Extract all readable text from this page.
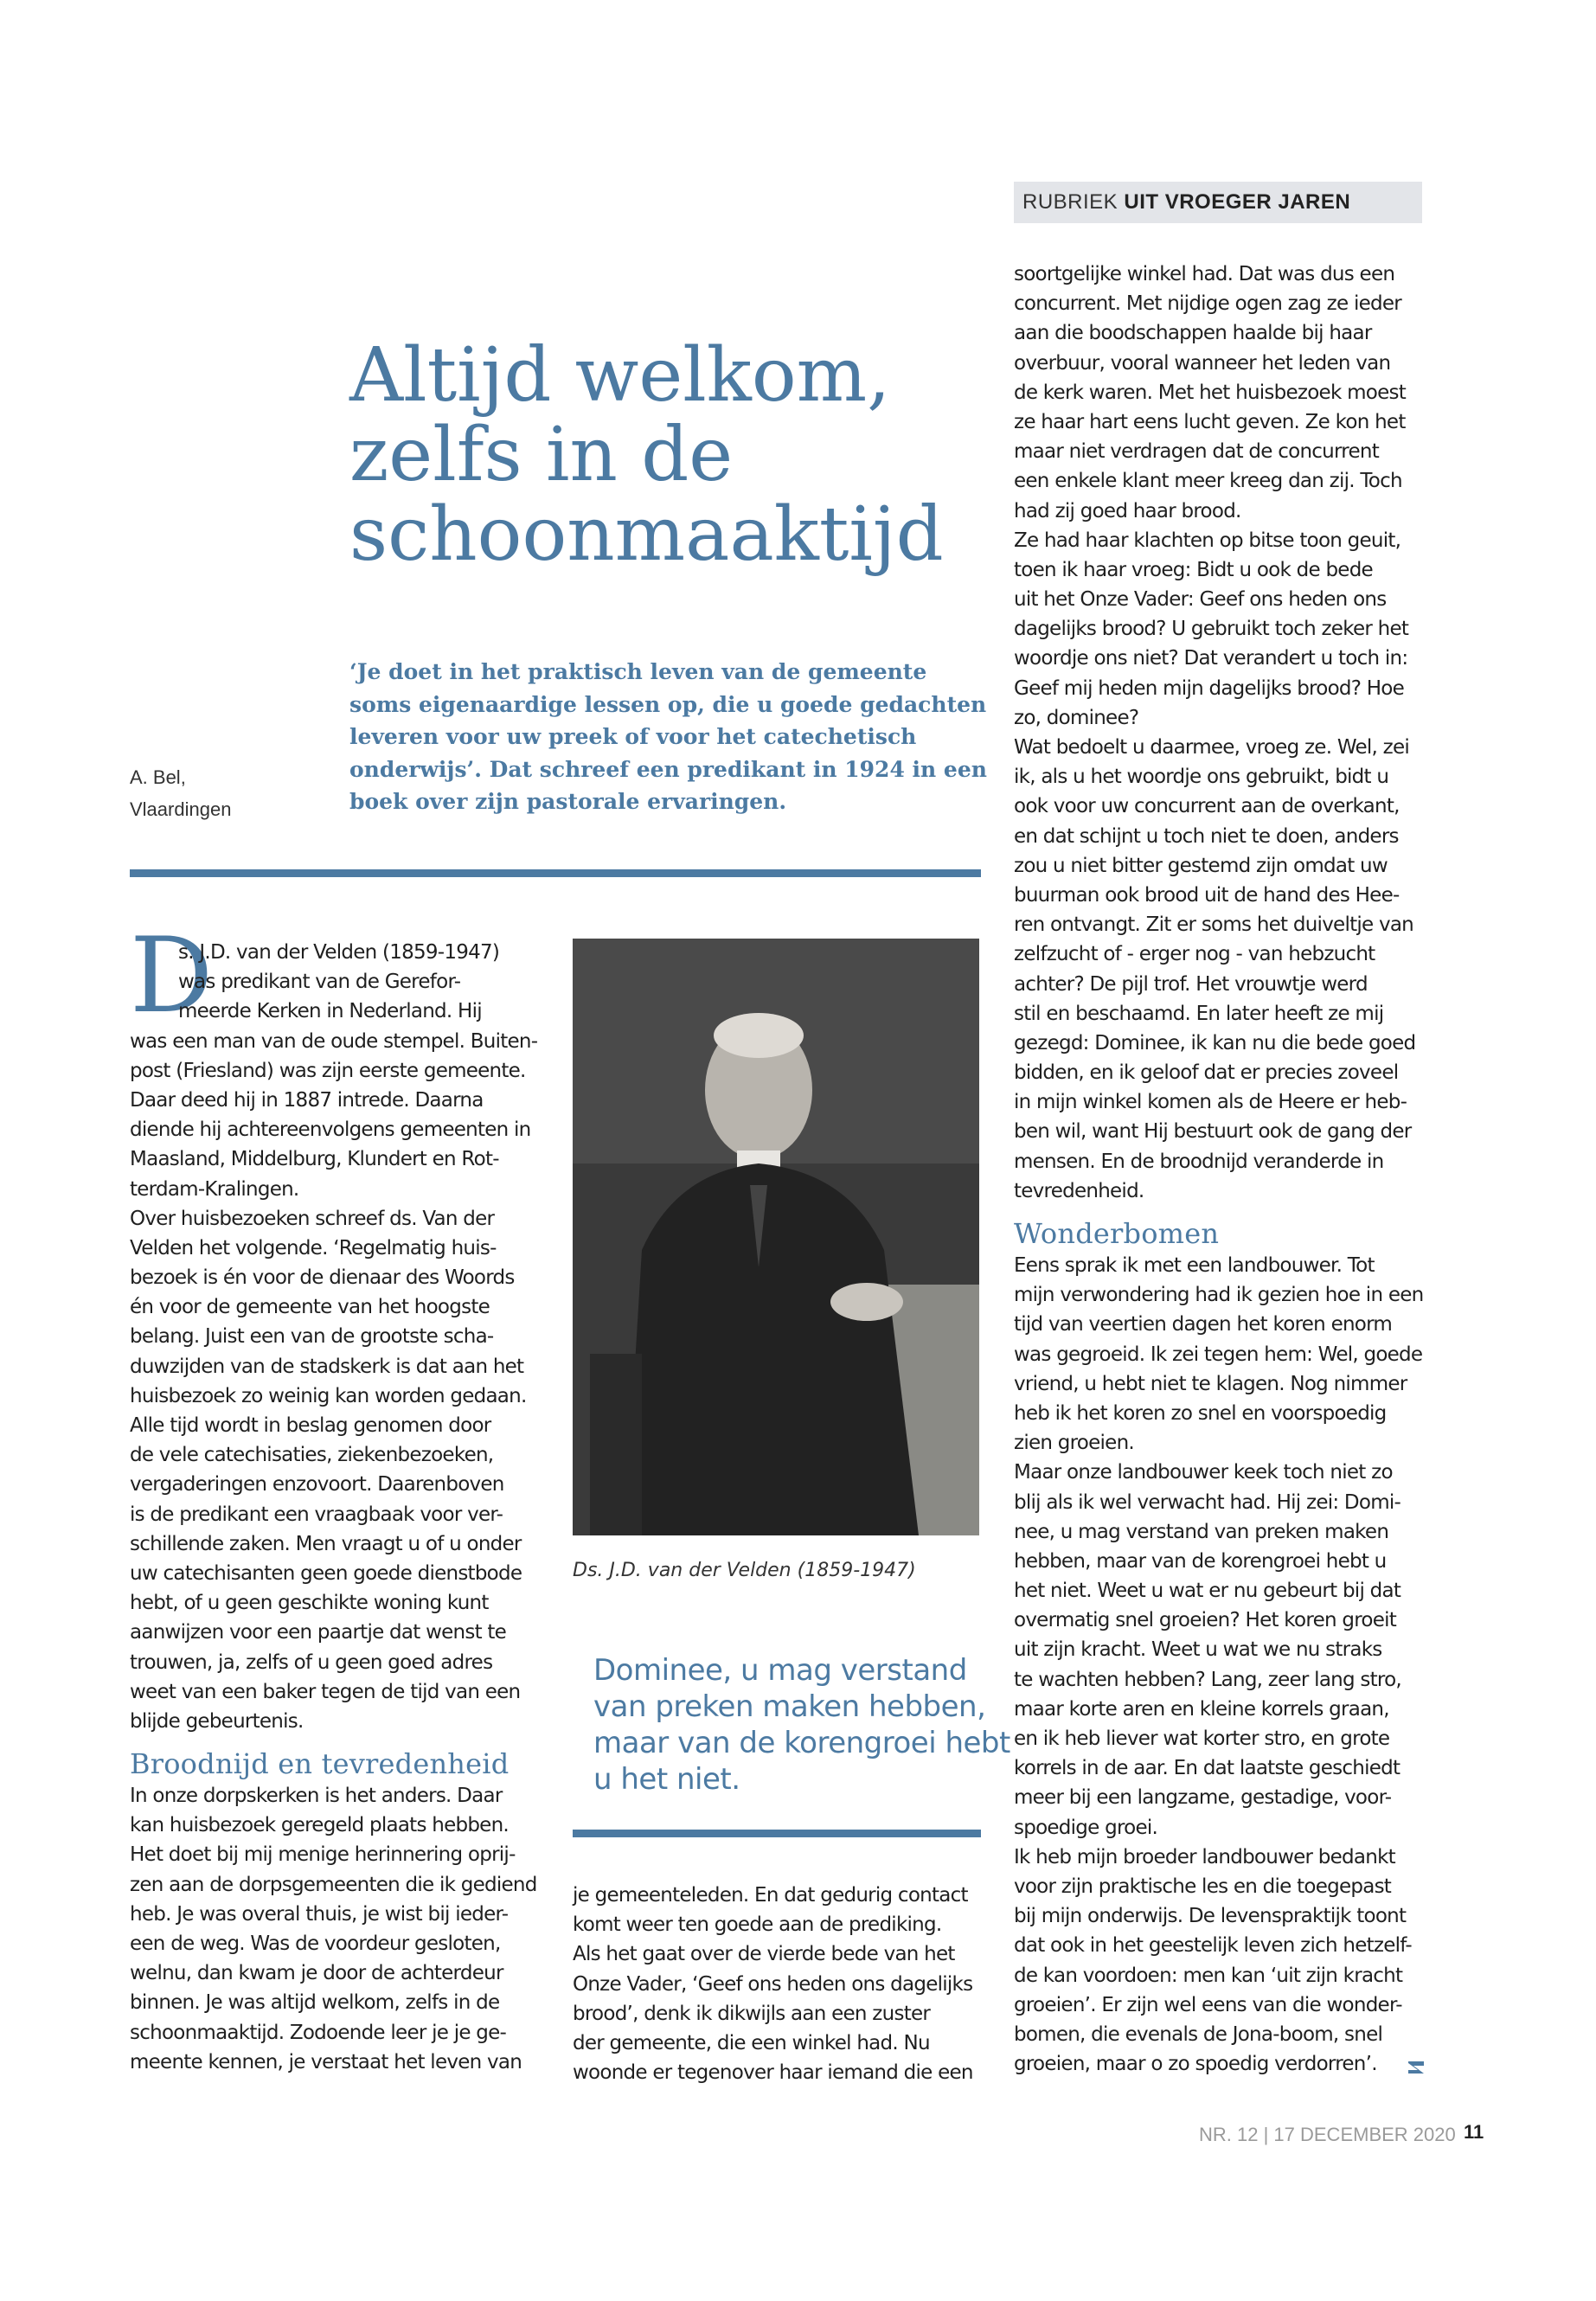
RUBRIEK UIT VROEGER JAREN
Altijd welkom,
zelfs in de
schoonmaaktijd
‘Je doet in het praktisch leven van de gemeente
soms eigenaardige lessen op, die u goede gedachten
leveren voor uw preek of voor het catechetisch
onderwijs’. Dat schreef een predikant in 1924 in een
boek over zijn pastorale ervaringen.
A. Bel,
Vlaardingen
D
s. J.D. van der Velden (1859-1947)
was predikant van de Gerefor-
meerde Kerken in Nederland. Hij
was een man van de oude stempel. Buiten-
post (Friesland) was zijn eerste gemeente.
Daar deed hij in 1887 intrede. Daarna
diende hij achtereenvolgens gemeenten in
Maasland, Middelburg, Klundert en Rot-
terdam-Kralingen.
Over huisbezoeken schreef ds. Van der
Velden het volgende. ‘Regelmatig huis-
bezoek is én voor de dienaar des Woords
én voor de gemeente van het hoogste
belang. Juist een van de grootste scha-
duwzijden van de stadskerk is dat aan het
huisbezoek zo weinig kan worden gedaan.
Alle tijd wordt in beslag genomen door
de vele catechisaties, ziekenbezoeken,
vergaderingen enzovoort. Daarenboven
is de predikant een vraagbaak voor ver-
schillende zaken. Men vraagt u of u onder
uw catechisanten geen goede dienstbode
hebt, of u geen geschikte woning kunt
aanwijzen voor een paartje dat wenst te
trouwen, ja, zelfs of u geen goed adres
weet van een baker tegen de tijd van een
blijde gebeurtenis.
Broodnijd en tevredenheid
In onze dorpskerken is het anders. Daar
kan huisbezoek geregeld plaats hebben.
Het doet bij mij menige herinnering oprij-
zen aan de dorpsgemeenten die ik gediend
heb. Je was overal thuis, je wist bij ieder-
een de weg. Was de voordeur gesloten,
welnu, dan kwam je door de achterdeur
binnen. Je was altijd welkom, zelfs in de
schoonmaaktijd. Zodoende leer je je ge-
meente kennen, je verstaat het leven van
Ds. J.D. van der Velden (1859-1947)
Dominee, u mag verstand
van preken maken hebben,
maar van de korengroei hebt
u het niet.
je gemeenteleden. En dat gedurig contact
komt weer ten goede aan de prediking.
Als het gaat over de vierde bede van het
Onze Vader, ‘Geef ons heden ons dagelijks
brood’, denk ik dikwijls aan een zuster
der gemeente, die een winkel had. Nu
woonde er tegenover haar iemand die een
soortgelijke winkel had. Dat was dus een
concurrent. Met nijdige ogen zag ze ieder
aan die boodschappen haalde bij haar
overbuur, vooral wanneer het leden van
de kerk waren. Met het huisbezoek moest
ze haar hart eens lucht geven. Ze kon het
maar niet verdragen dat de concurrent
een enkele klant meer kreeg dan zij. Toch
had zij goed haar brood.
Ze had haar klachten op bitse toon geuit,
toen ik haar vroeg: Bidt u ook de bede
uit het Onze Vader: Geef ons heden ons
dagelijks brood? U gebruikt toch zeker het
woordje ons niet? Dat verandert u toch in:
Geef mij heden mijn dagelijks brood? Hoe
zo, dominee?
Wat bedoelt u daarmee, vroeg ze. Wel, zei
ik, als u het woordje ons gebruikt, bidt u
ook voor uw concurrent aan de overkant,
en dat schijnt u toch niet te doen, anders
zou u niet bitter gestemd zijn omdat uw
buurman ook brood uit de hand des Hee-
ren ontvangt. Zit er soms het duiveltje van
zelfzucht of - erger nog - van hebzucht
achter? De pijl trof. Het vrouwtje werd
stil en beschaamd. En later heeft ze mij
gezegd: Dominee, ik kan nu die bede goed
bidden, en ik geloof dat er precies zoveel
in mijn winkel komen als de Heere er heb-
ben wil, want Hij bestuurt ook de gang der
mensen. En de broodnijd veranderde in
tevredenheid.
Wonderbomen
Eens sprak ik met een landbouwer. Tot
mijn verwondering had ik gezien hoe in een
tijd van veertien dagen het koren enorm
was gegroeid. Ik zei tegen hem: Wel, goede
vriend, u hebt niet te klagen. Nog nimmer
heb ik het koren zo snel en voorspoedig
zien groeien.
Maar onze landbouwer keek toch niet zo
blij als ik wel verwacht had. Hij zei: Domi-
nee, u mag verstand van preken maken
hebben, maar van de korengroei hebt u
het niet. Weet u wat er nu gebeurt bij dat
overmatig snel groeien? Het koren groeit
uit zijn kracht. Weet u wat we nu straks
te wachten hebben? Lang, zeer lang stro,
maar korte aren en kleine korrels graan,
en ik heb liever wat korter stro, en grote
korrels in de aar. En dat laatste geschiedt
meer bij een langzame, gestadige, voor-
spoedige groei.
Ik heb mijn broeder landbouwer bedankt
voor zijn praktische les en die toegepast
bij mijn onderwijs. De levenspraktijk toont
dat ook in het geestelijk leven zich hetzelf-
de kan voordoen: men kan ‘uit zijn kracht
groeien’. Er zijn wel eens van die wonder-
bomen, die evenals de Jona-boom, snel
groeien, maar o zo spoedig verdorren’.
NR. 12 | 17 DECEMBER 2020 11
